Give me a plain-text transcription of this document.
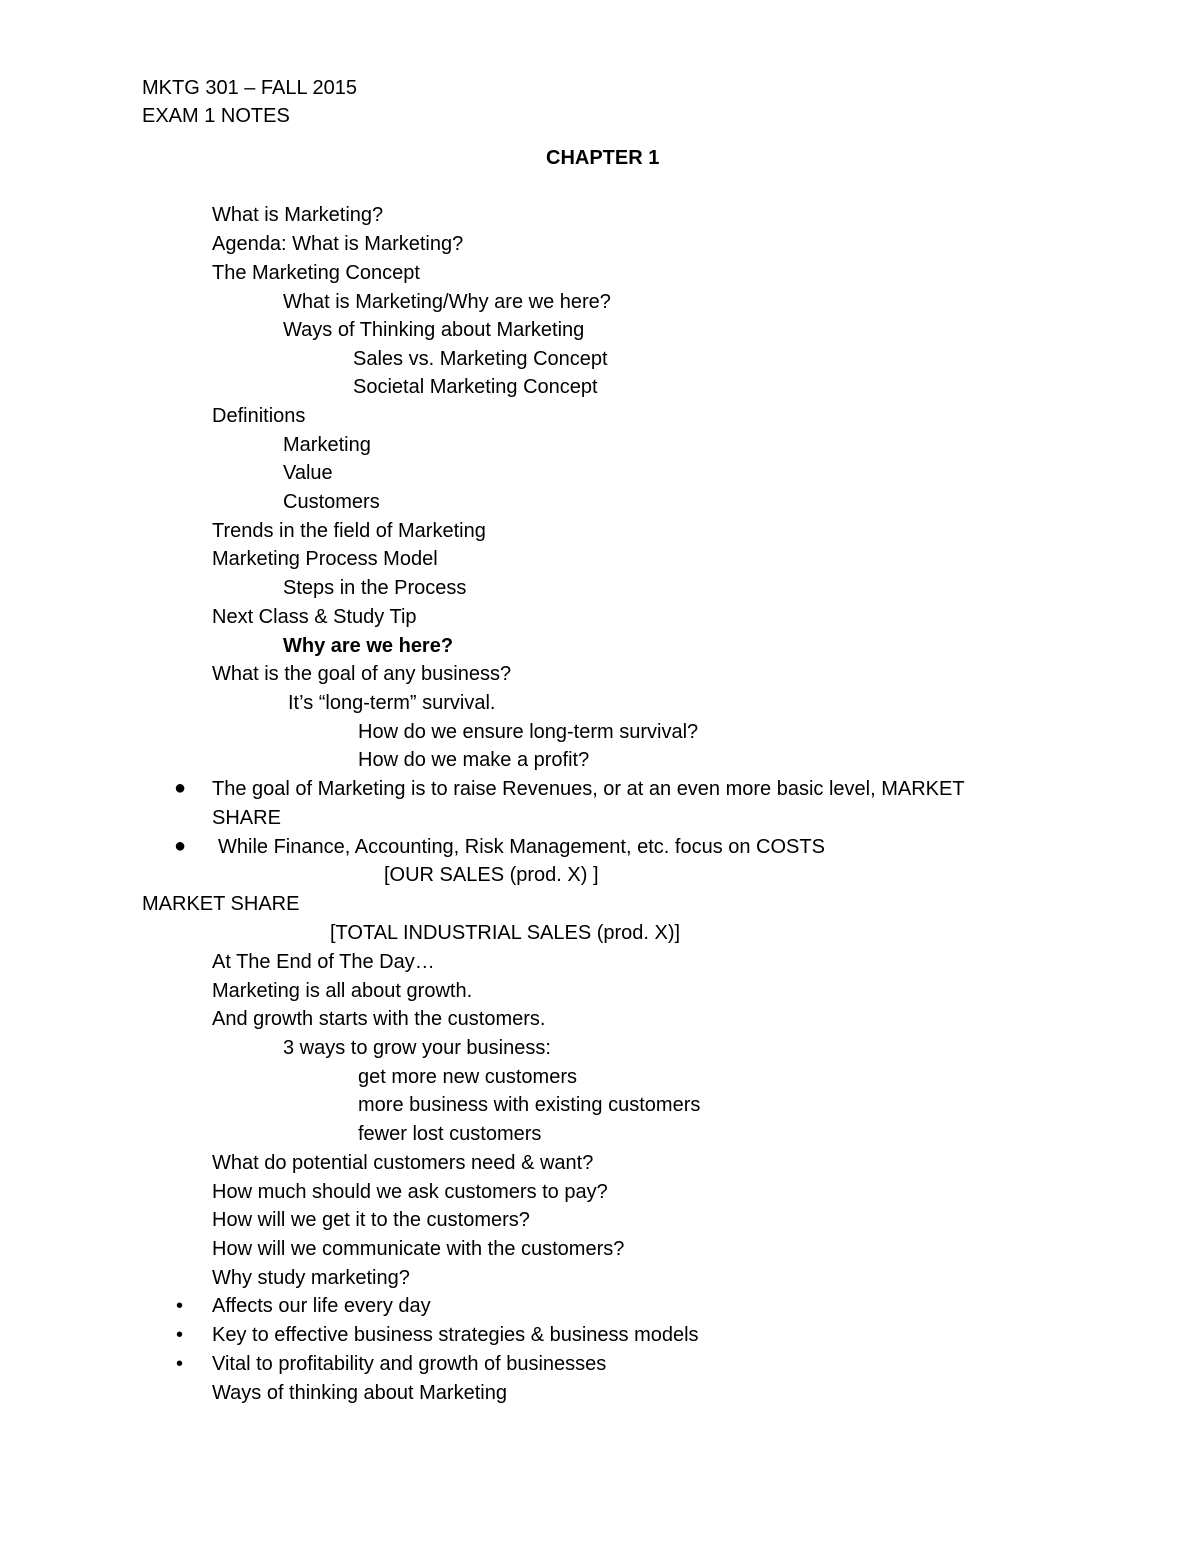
MKTG 301 – FALL 2015
EXAM 1 NOTES
CHAPTER 1
What is Marketing?
Agenda: What is Marketing?
The Marketing Concept
What is Marketing/Why are we here?
Ways of Thinking about Marketing
Sales vs. Marketing Concept
Societal Marketing Concept
Definitions
Marketing
Value
Customers
Trends in the field of Marketing
Marketing Process Model
Steps in the Process
Next Class & Study Tip
Why are we here?
What is the goal of any business?
It’s “long-term” survival.
How do we ensure long-term survival?
How do we make a profit?
● The goal of Marketing is to raise Revenues, or at an even more basic level, MARKET
SHARE
● While Finance, Accounting, Risk Management, etc. focus on COSTS
[OUR SALES (prod. X) ]
MARKET SHARE
[TOTAL INDUSTRIAL SALES (prod. X)]
At The End of The Day…
Marketing is all about growth.
And growth starts with the customers.
3 ways to grow your business:
get more new customers
more business with existing customers
fewer lost customers
What do potential customers need & want?
How much should we ask customers to pay?
How will we get it to the customers?
How will we communicate with the customers?
Why study marketing?
• Affects our life every day
• Key to effective business strategies & business models
• Vital to profitability and growth of businesses
Ways of thinking about Marketing
